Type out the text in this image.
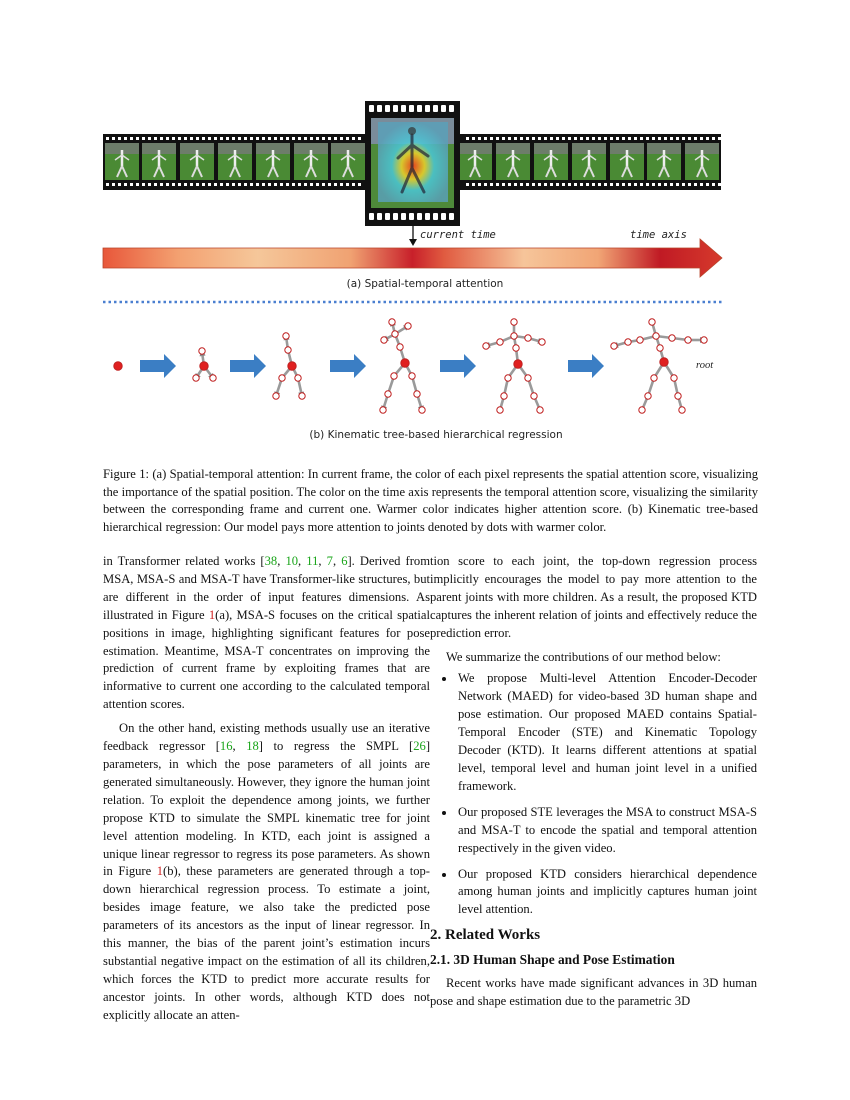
current time	time axis
(a) Spatial-temporal attention
root
(b) Kinematic tree-based hierarchical regression
Figure 1: (a) Spatial-temporal attention: In current frame, the color of each pixel represents the spatial attention score, visualizing the importance of the spatial position. The color on the time axis represents the temporal attention score, visualizing the similarity between the corresponding frame and current one. Warmer color indicates higher attention score. (b) Kinematic tree-based hierarchical regression: Our model pays more attention to joints denoted by dots with warmer color.

in Transformer related works [38, 10, 11, 7, 6]. Derived from MSA, MSA-S and MSA-T have Transformer-like structures, but are different in the order of input features dimensions. As illustrated in Figure 1(a), MSA-S focuses on the critical spatial positions in image, highlighting significant features for pose estimation. Meantime, MSA-T concentrates on improving the prediction of current frame by exploiting frames that are informative to current one according to the calculated temporal attention scores.

On the other hand, existing methods usually use an iterative feedback regressor [16, 18] to regress the SMPL [26] parameters, in which the pose parameters of all joints are generated simultaneously. However, they ignore the human joint relation. To exploit the dependence among joints, we further propose KTD to simulate the SMPL kinematic tree for joint level attention modeling. In KTD, each joint is assigned a unique linear regressor to regress its pose parameters. As shown in Figure 1(b), these parameters are generated through a top-down hierarchical regression process. To estimate a joint, besides image feature, we also take the predicted pose parameters of its ancestors as the input of linear regressor. In this manner, the bias of the parent joint’s estimation incurs substantial negative impact on the estimation of all its children, which forces the KTD to predict more accurate results for ancestor joints. In other words, although KTD does not explicitly allocate an atten-

tion score to each joint, the top-down regression process implicitly encourages the model to pay more attention to the parent joints with more children. As a result, the proposed KTD captures the inherent relation of joints and effectively reduce the prediction error.

We summarize the contributions of our method below:

• We propose Multi-level Attention Encoder-Decoder Network (MAED) for video-based 3D human shape and pose estimation. Our proposed MAED contains Spatial-Temporal Encoder (STE) and Kinematic Topology Decoder (KTD). It learns different attentions at spatial level, temporal level and human joint level in a unified framework.
• Our proposed STE leverages the MSA to construct MSA-S and MSA-T to encode the spatial and temporal attention respectively in the given video.
• Our proposed KTD considers hierarchical dependence among human joints and implicitly captures human joint level attention.
2. Related Works
2.1. 3D Human Shape and Pose Estimation

Recent works have made significant advances in 3D human pose and shape estimation due to the parametric 3D
